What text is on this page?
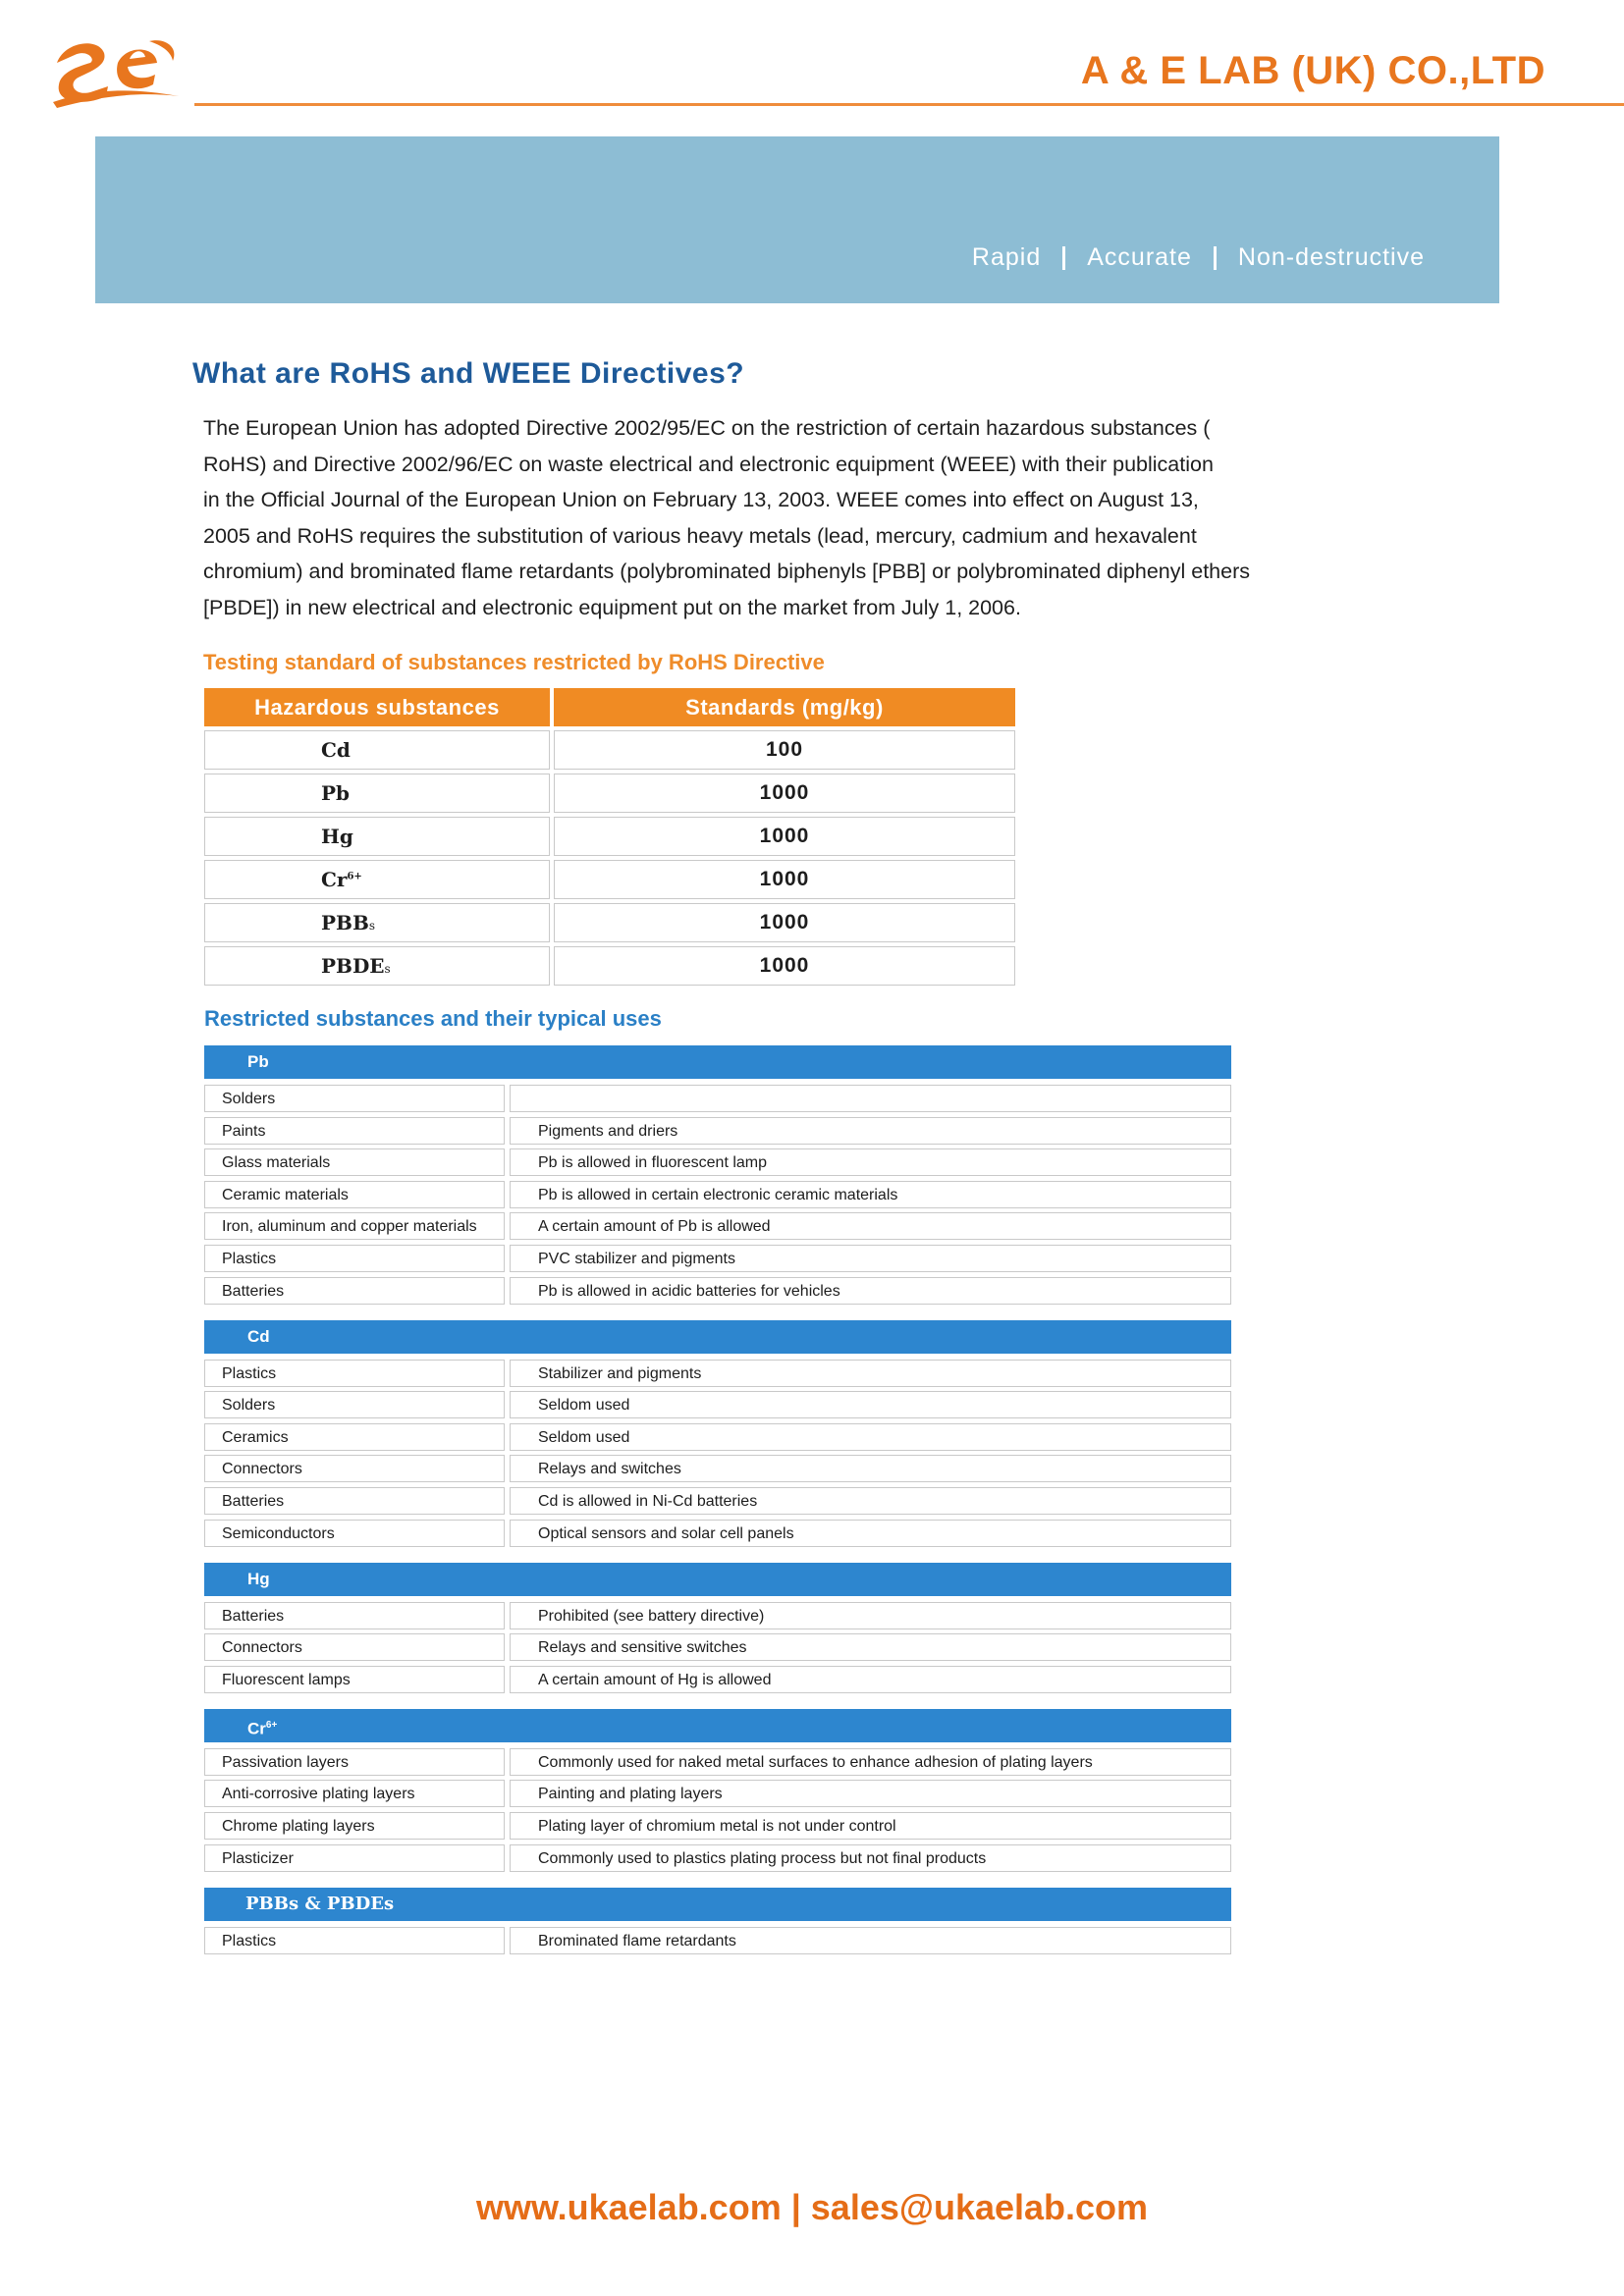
A & E LAB (UK) CO.,LTD
Rapid Accurate Non-destructive
What are RoHS and WEEE Directives?

The European Union has adopted Directive 2002/95/EC on the restriction of certain hazardous substances (

RoHS) and Directive 2002/96/EC on waste electrical and electronic equipment (WEEE) with their publication

in the Official Journal of the European Union on February 13, 2003. WEEE comes into effect on August 13,

2005 and RoHS requires the substitution of various heavy metals (lead, mercury, cadmium and hexavalent

chromium) and brominated flame retardants (polybrominated biphenyls [PBB] or polybrominated diphenyl ethers

[PBDE]) in new electrical and electronic equipment put on the market from July 1, 2006.

Testing standard of substances restricted by RoHS Directive
Hazardous substances	Standards (mg/kg)
Cd	100
Pb	1000
Hg	1000
$Cr^{6+}$	1000
PBBs	1000
PBDEs	1000
Restricted substances and their typical uses
Pb
Solders
Paints	Pigments and driers
Glass materials	Pb is allowed in fluorescent lamp
Ceramic materials	Pb is allowed in certain electronic ceramic materials
Iron, aluminum and copper materials	A certain amount of Pb is allowed
Plastics	PVC stabilizer and pigments
Batteries	Pb is allowed in acidic batteries for vehicles
Cd
Plastics	Stabilizer and pigments
Solders	Seldom used
Ceramics	Seldom used
Connectors	Relays and switches
Batteries	Cd is allowed in Ni-Cd batteries
Semiconductors	Optical sensors and solar cell panels
Hg
Batteries	Prohibited (see battery directive)
Connectors	Relays and sensitive switches
Fluorescent lamps	A certain amount of Hg is allowed
$Cr^{6+}$
Passivation layers	Commonly used for naked metal surfaces to enhance adhesion of plating layers
Anti-corrosive plating layers	Painting and plating layers
Chrome plating layers	Plating layer of chromium metal is not under control
Plasticizer	Commonly used to plastics plating process but not final products
PBBs & PBDEs
Plastics	Brominated flame retardants
www.ukaelab.com | sales@ukaelab.com
